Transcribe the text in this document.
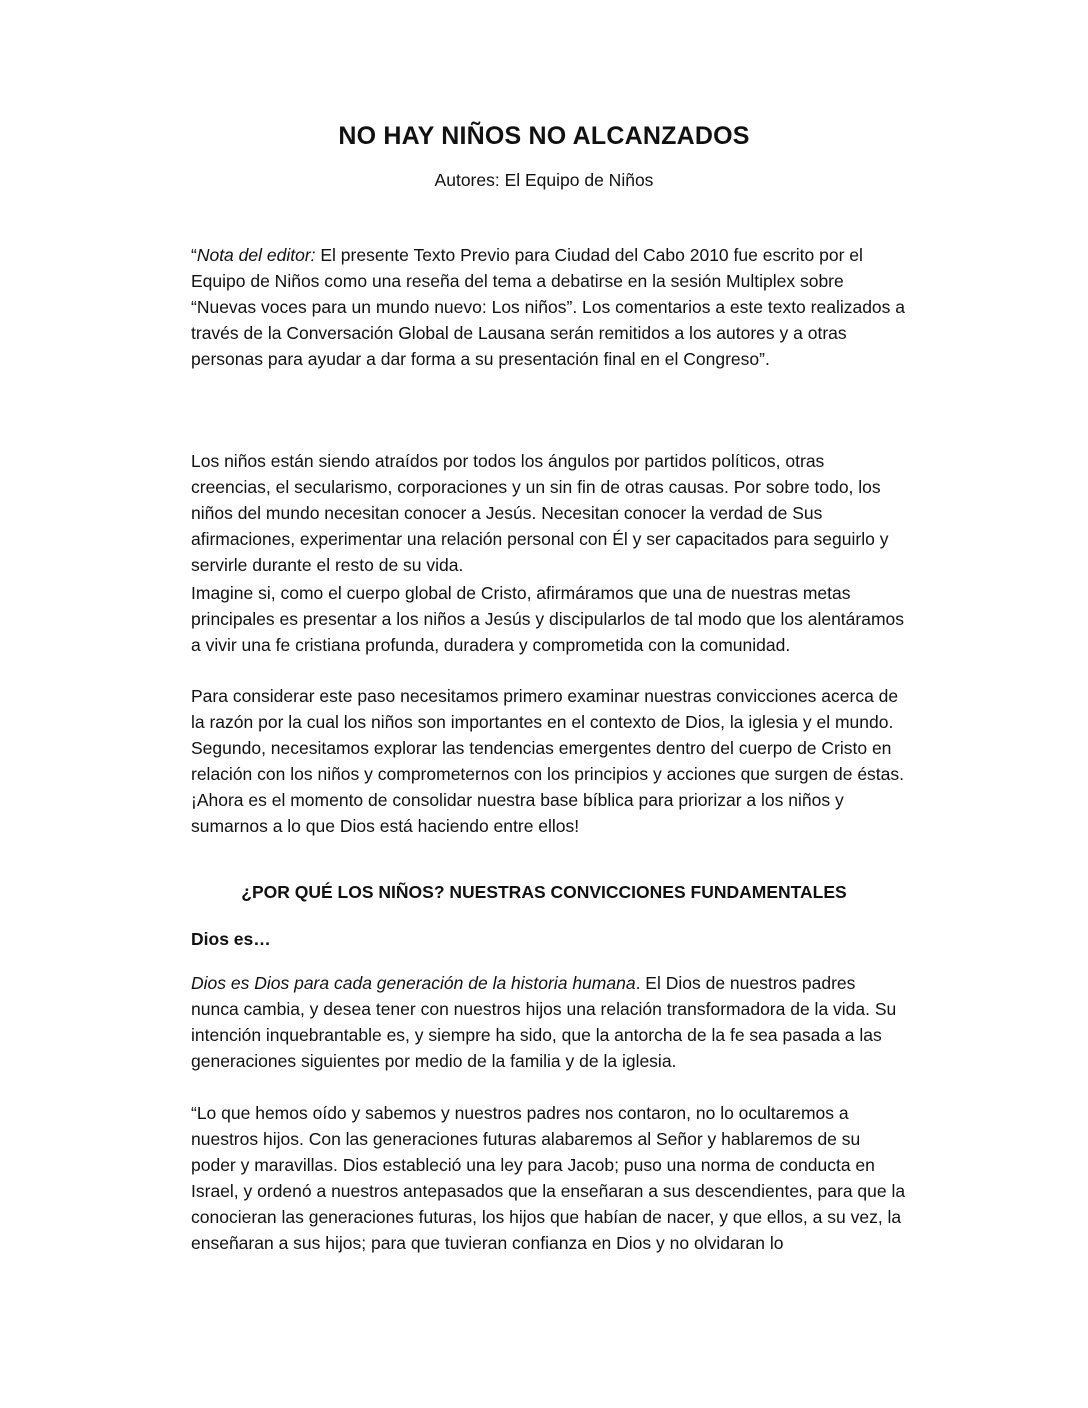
NO HAY NIÑOS NO ALCANZADOS

Autores: El Equipo de Niños

“Nota del editor: El presente Texto Previo para Ciudad del Cabo 2010 fue escrito por el Equipo de Niños como una reseña del tema a debatirse en la sesión Multiplex sobre “Nuevas voces para un mundo nuevo: Los niños”. Los comentarios a este texto realizados a través de la Conversación Global de Lausana serán remitidos a los autores y a otras personas para ayudar a dar forma a su presentación final en el Congreso”.

Los niños están siendo atraídos por todos los ángulos por partidos políticos, otras creencias, el secularismo, corporaciones y un sin fin de otras causas. Por sobre todo, los niños del mundo necesitan conocer a Jesús. Necesitan conocer la verdad de Sus afirmaciones, experimentar una relación personal con Él y ser capacitados para seguirlo y servirle durante el resto de su vida.

Imagine si, como el cuerpo global de Cristo, afirmáramos que una de nuestras metas principales es presentar a los niños a Jesús y discipularlos de tal modo que los alentáramos a vivir una fe cristiana profunda, duradera y comprometida con la comunidad.

Para considerar este paso necesitamos primero examinar nuestras convicciones acerca de la razón por la cual los niños son importantes en el contexto de Dios, la iglesia y el mundo. Segundo, necesitamos explorar las tendencias emergentes dentro del cuerpo de Cristo en relación con los niños y comprometernos con los principios y acciones que surgen de éstas. ¡Ahora es el momento de consolidar nuestra base bíblica para priorizar a los niños y sumarnos a lo que Dios está haciendo entre ellos!

¿POR QUÉ LOS NIÑOS? NUESTRAS CONVICCIONES FUNDAMENTALES

Dios es…

Dios es Dios para cada generación de la historia humana. El Dios de nuestros padres nunca cambia, y desea tener con nuestros hijos una relación transformadora de la vida. Su intención inquebrantable es, y siempre ha sido, que la antorcha de la fe sea pasada a las generaciones siguientes por medio de la familia y de la iglesia.

“Lo que hemos oído y sabemos y nuestros padres nos contaron, no lo ocultaremos a nuestros hijos. Con las generaciones futuras alabaremos al Señor y hablaremos de su poder y maravillas. Dios estableció una ley para Jacob; puso una norma de conducta en Israel, y ordenó a nuestros antepasados que la enseñaran a sus descendientes, para que la conocieran las generaciones futuras, los hijos que habían de nacer, y que ellos, a su vez, la enseñaran a sus hijos; para que tuvieran confianza en Dios y no olvidaran lo
